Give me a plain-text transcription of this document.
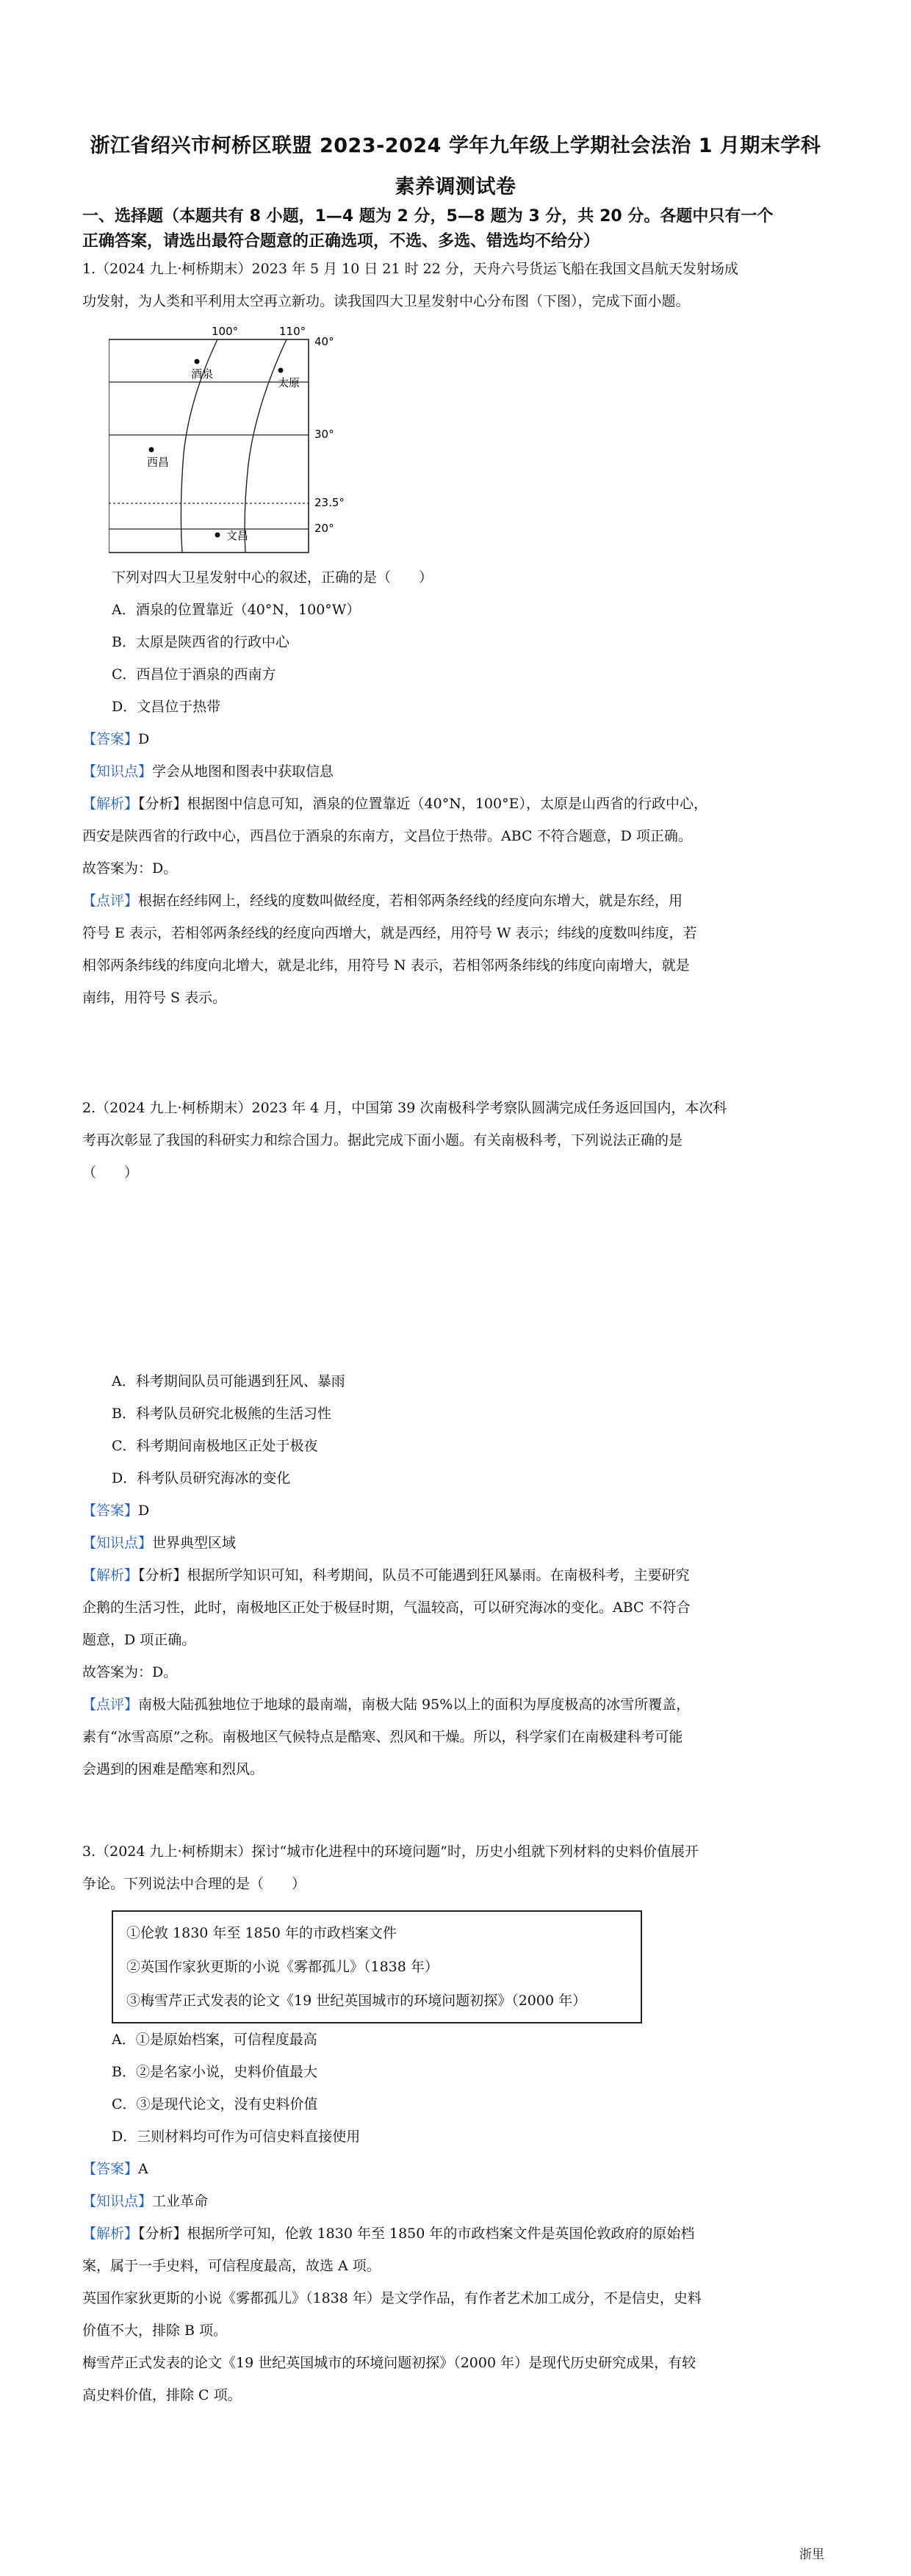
浙江省绍兴市柯桥区联盟 2023-2024 学年九年级上学期社会法治 1 月期末学科
素养调测试卷
一、选择题（本题共有 8 小题，1—4 题为 2 分，5—8 题为 3 分，共 20 分。各题中只有一个
正确答案，请选出最符合题意的正确选项，不选、多选、错选均不给分）

1.（2024 九上·柯桥期末）2023 年 5 月 10 日 21 时 22 分，天舟六号货运飞船在我国文昌航天发射场成

功发射，为人类和平利用太空再立新功。读我国四大卫星发射中心分布图（下图），完成下面小题。

100°	110°
40°
30°
23.5°
20°
酒泉
太原
西昌
文昌

下列对四大卫星发射中心的叙述，正确的是（　　）

A．酒泉的位置靠近（40°N，100°W）

B．太原是陕西省的行政中心

C．西昌位于酒泉的西南方

D．文昌位于热带

【答案】D

【知识点】学会从地图和图表中获取信息

【解析】【分析】根据图中信息可知，酒泉的位置靠近（40°N，100°E），太原是山西省的行政中心，

西安是陕西省的行政中心，西昌位于酒泉的东南方，文昌位于热带。ABC 不符合题意，D 项正确。

故答案为：D。

【点评】根据在经纬网上，经线的度数叫做经度，若相邻两条经线的经度向东增大，就是东经，用

符号 E 表示，若相邻两条经线的经度向西增大，就是西经，用符号 W 表示；纬线的度数叫纬度，若

相邻两条纬线的纬度向北增大，就是北纬，用符号 N 表示，若相邻两条纬线的纬度向南增大，就是

南纬，用符号 S 表示。

2.（2024 九上·柯桥期末）2023 年 4 月，中国第 39 次南极科学考察队圆满完成任务返回国内，本次科

考再次彰显了我国的科研实力和综合国力。据此完成下面小题。有关南极科考，下列说法正确的是

（　　）

A．科考期间队员可能遇到狂风、暴雨

B．科考队员研究北极熊的生活习性

C．科考期间南极地区正处于极夜

D．科考队员研究海冰的变化

【答案】D

【知识点】世界典型区域

【解析】【分析】根据所学知识可知，科考期间，队员不可能遇到狂风暴雨。在南极科考，主要研究

企鹅的生活习性，此时，南极地区正处于极昼时期，气温较高，可以研究海冰的变化。ABC 不符合

题意，D 项正确。

故答案为：D。

【点评】南极大陆孤独地位于地球的最南端，南极大陆 95%以上的面积为厚度极高的冰雪所覆盖，

素有“冰雪高原”之称。南极地区气候特点是酷寒、烈风和干燥。所以，科学家们在南极建科考可能

会遇到的困难是酷寒和烈风。

3.（2024 九上·柯桥期末）探讨“城市化进程中的环境问题”时，历史小组就下列材料的史料价值展开

争论。下列说法中合理的是（　　）

①伦敦 1830 年至 1850 年的市政档案文件

②英国作家狄更斯的小说《雾都孤儿》（1838 年）

③梅雪芹正式发表的论文《19 世纪英国城市的环境问题初探》（2000 年）

A．①是原始档案，可信程度最高

B．②是名家小说，史料价值最大

C．③是现代论文，没有史料价值

D．三则材料均可作为可信史料直接使用

【答案】A

【知识点】工业革命

【解析】【分析】根据所学可知，伦敦 1830 年至 1850 年的市政档案文件是英国伦敦政府的原始档

案，属于一手史料，可信程度最高，故选 A 项。

英国作家狄更斯的小说《雾都孤儿》（1838 年）是文学作品，有作者艺术加工成分，不是信史，史料

价值不大，排除 B 项。

梅雪芹正式发表的论文《19 世纪英国城市的环境问题初探》（2000 年）是现代历史研究成果，有较

高史料价值，排除 C 项。

浙里
